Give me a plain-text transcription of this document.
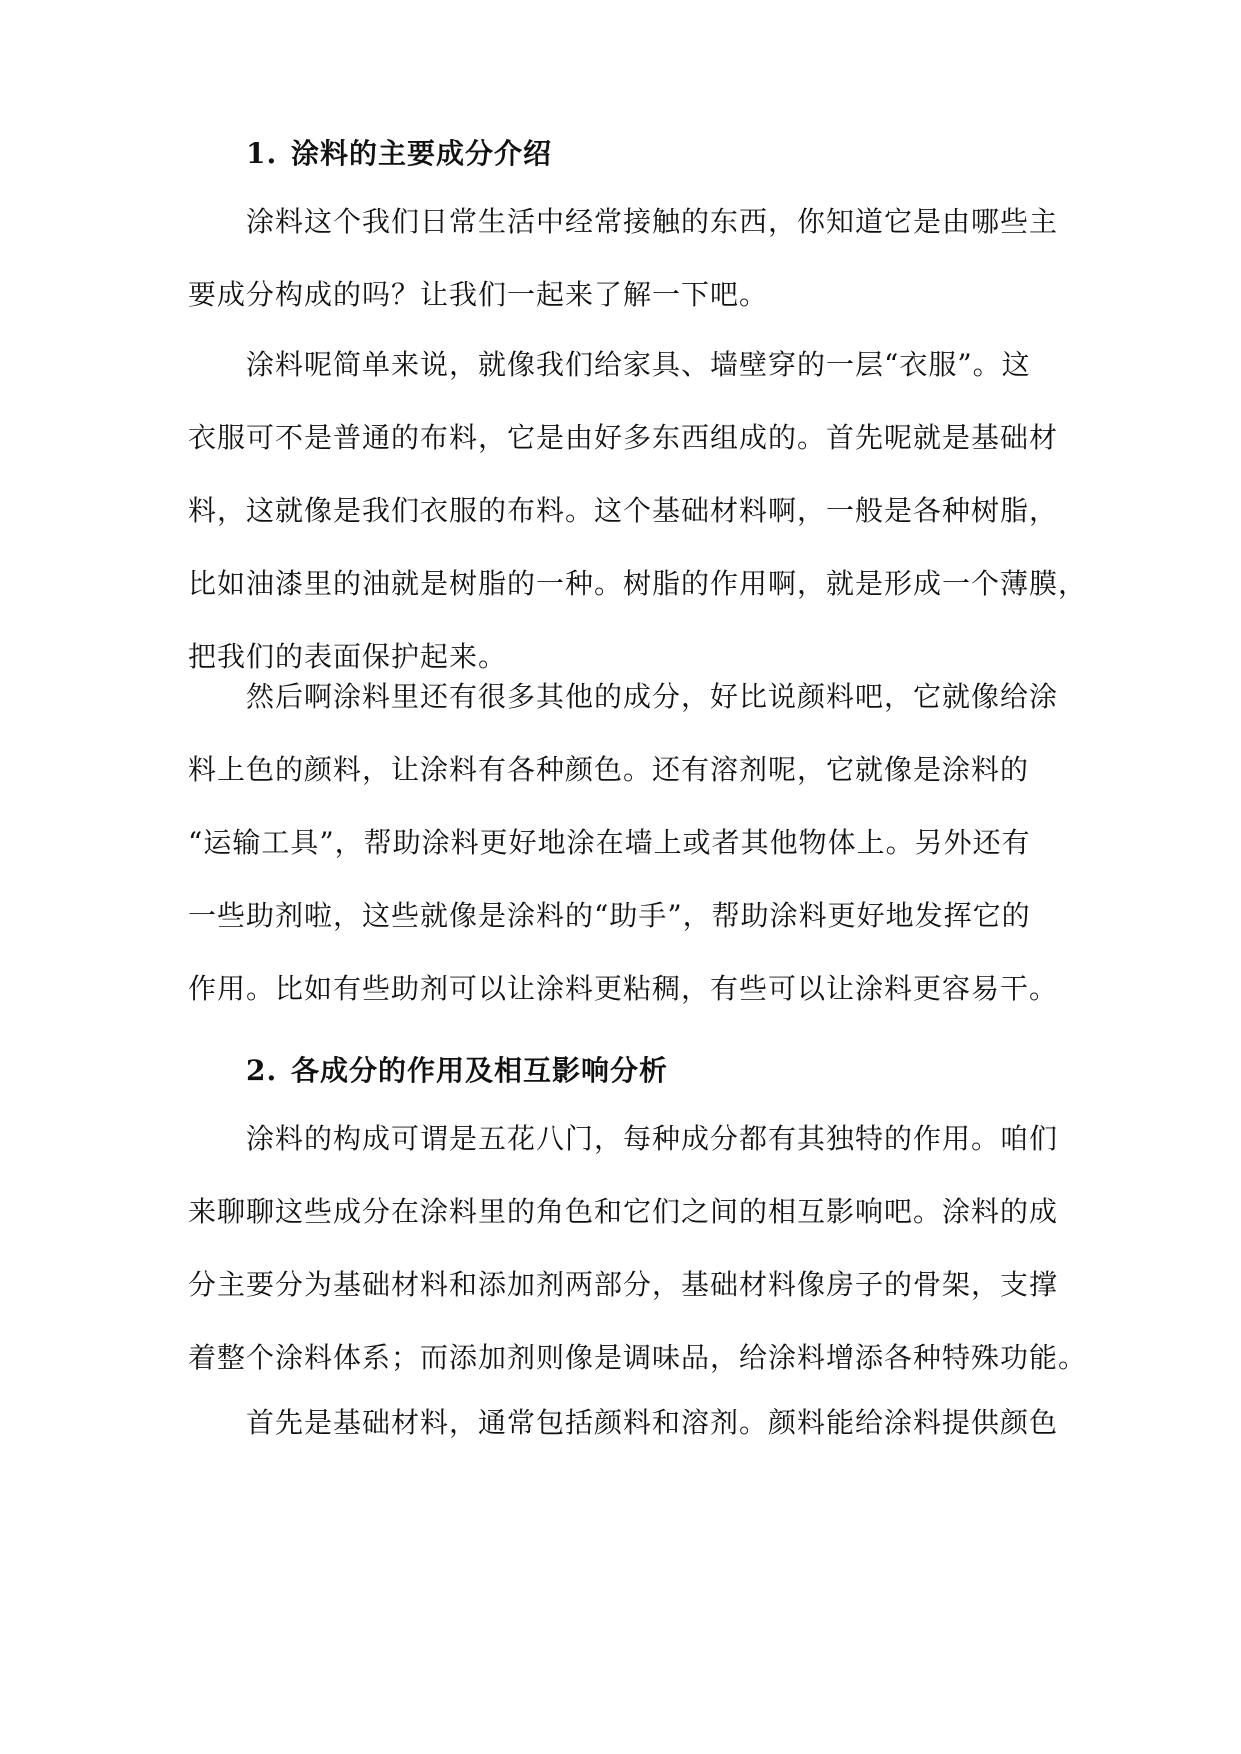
1. 涂料的主要成分介绍
涂料这个我们日常生活中经常接触的东西，你知道它是由哪些主
要成分构成的吗？让我们一起来了解一下吧。
涂料呢简单来说，就像我们给家具、墙壁穿的一层“衣服”。这
衣服可不是普通的布料，它是由好多东西组成的。首先呢就是基础材
料，这就像是我们衣服的布料。这个基础材料啊，一般是各种树脂，
比如油漆里的油就是树脂的一种。树脂的作用啊，就是形成一个薄膜，
把我们的表面保护起来。
然后啊涂料里还有很多其他的成分，好比说颜料吧，它就像给涂
料上色的颜料，让涂料有各种颜色。还有溶剂呢，它就像是涂料的
“运输工具”，帮助涂料更好地涂在墙上或者其他物体上。另外还有
一些助剂啦，这些就像是涂料的“助手”，帮助涂料更好地发挥它的
作用。比如有些助剂可以让涂料更粘稠，有些可以让涂料更容易干。
2. 各成分的作用及相互影响分析
涂料的构成可谓是五花八门，每种成分都有其独特的作用。咱们
来聊聊这些成分在涂料里的角色和它们之间的相互影响吧。涂料的成
分主要分为基础材料和添加剂两部分，基础材料像房子的骨架，支撑
着整个涂料体系；而添加剂则像是调味品，给涂料增添各种特殊功能。
首先是基础材料，通常包括颜料和溶剂。颜料能给涂料提供颜色
